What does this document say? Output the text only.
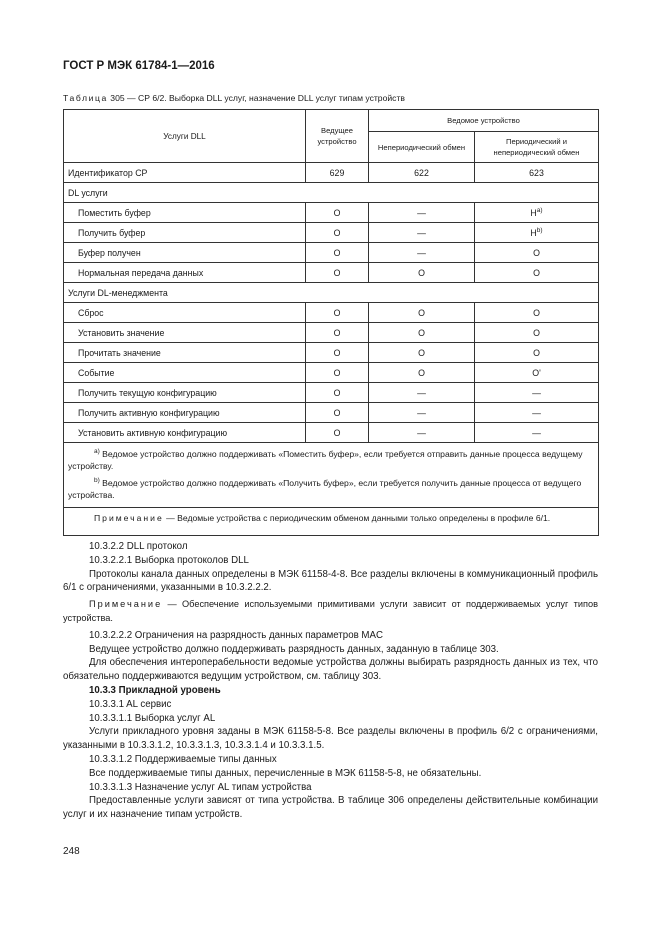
ГОСТ Р МЭК 61784-1—2016
Таблица 305 — СР 6/2. Выборка DLL услуг, назначение DLL услуг типам устройств
Услуги DLL	Ведущее устройство	Ведомое устройство	
		Непериодический обмен	Периодический и непериодический обмен
Идентификатор СР	629	622	623
DL услуги			
Поместить буфер	O	—	$H^{a)}$
Получить буфер	O	—	$H^{b)}$
Буфер получен	O	—	O
Нормальная передача данных	O	O	O
Услуги DL-менеджмента			
Сброс	O	O	O
Установить значение	O	O	O
Прочитать значение	O	O	O
Событие	O	O	O'
Получить текущую конфигурацию	O	—	—
Получить активную конфигурацию	O	—	—
Установить активную конфигурацию	O	—	—

$^{а)}$ Ведомое устройство должно поддерживать «Поместить буфер», если требуется отправить данные процесса ведущему устройству.
$^{b)}$ Ведомое устройство должно поддерживать «Получить буфер», если требуется получить данные процесса от ведущего устройства.			

Примечание — Ведомые устройства с периодическим обменом данными только определены в профиле 6/1.			

10.3.2.2 DLL протокол

10.3.2.2.1 Выборка протоколов DLL

Протоколы канала данных определены в МЭК 61158-4-8. Все разделы включены в коммуникационный профиль 6/1 с ограничениями, указанными в 10.3.2.2.2.

Примечание — Обеспечение используемыми примитивами услуги зависит от поддерживаемых услуг типов устройства.

10.3.2.2.2 Ограничения на разрядность данных параметров MAC

Ведущее устройство должно поддерживать разрядность данных, заданную в таблице 303.

Для обеспечения интероперабельности ведомые устройства должны выбирать разрядность данных из тех, что обязательно поддерживаются ведущим устройством, см. таблицу 303.

10.3.3 Прикладной уровень

10.3.3.1 AL сервис

10.3.3.1.1 Выборка услуг AL

Услуги прикладного уровня заданы в МЭК 61158-5-8. Все разделы включены в профиль 6/2 с ограничениями, указанными в 10.3.3.1.2, 10.3.3.1.3, 10.3.3.1.4 и 10.3.3.1.5.

10.3.3.1.2 Поддерживаемые типы данных

Все поддерживаемые типы данных, перечисленные в МЭК 61158-5-8, не обязательны.

10.3.3.1.3 Назначение услуг AL типам устройства

Предоставленные услуги зависят от типа устройства. В таблице 306 определены действительные комбинации услуг и их назначение типам устройств.

248
